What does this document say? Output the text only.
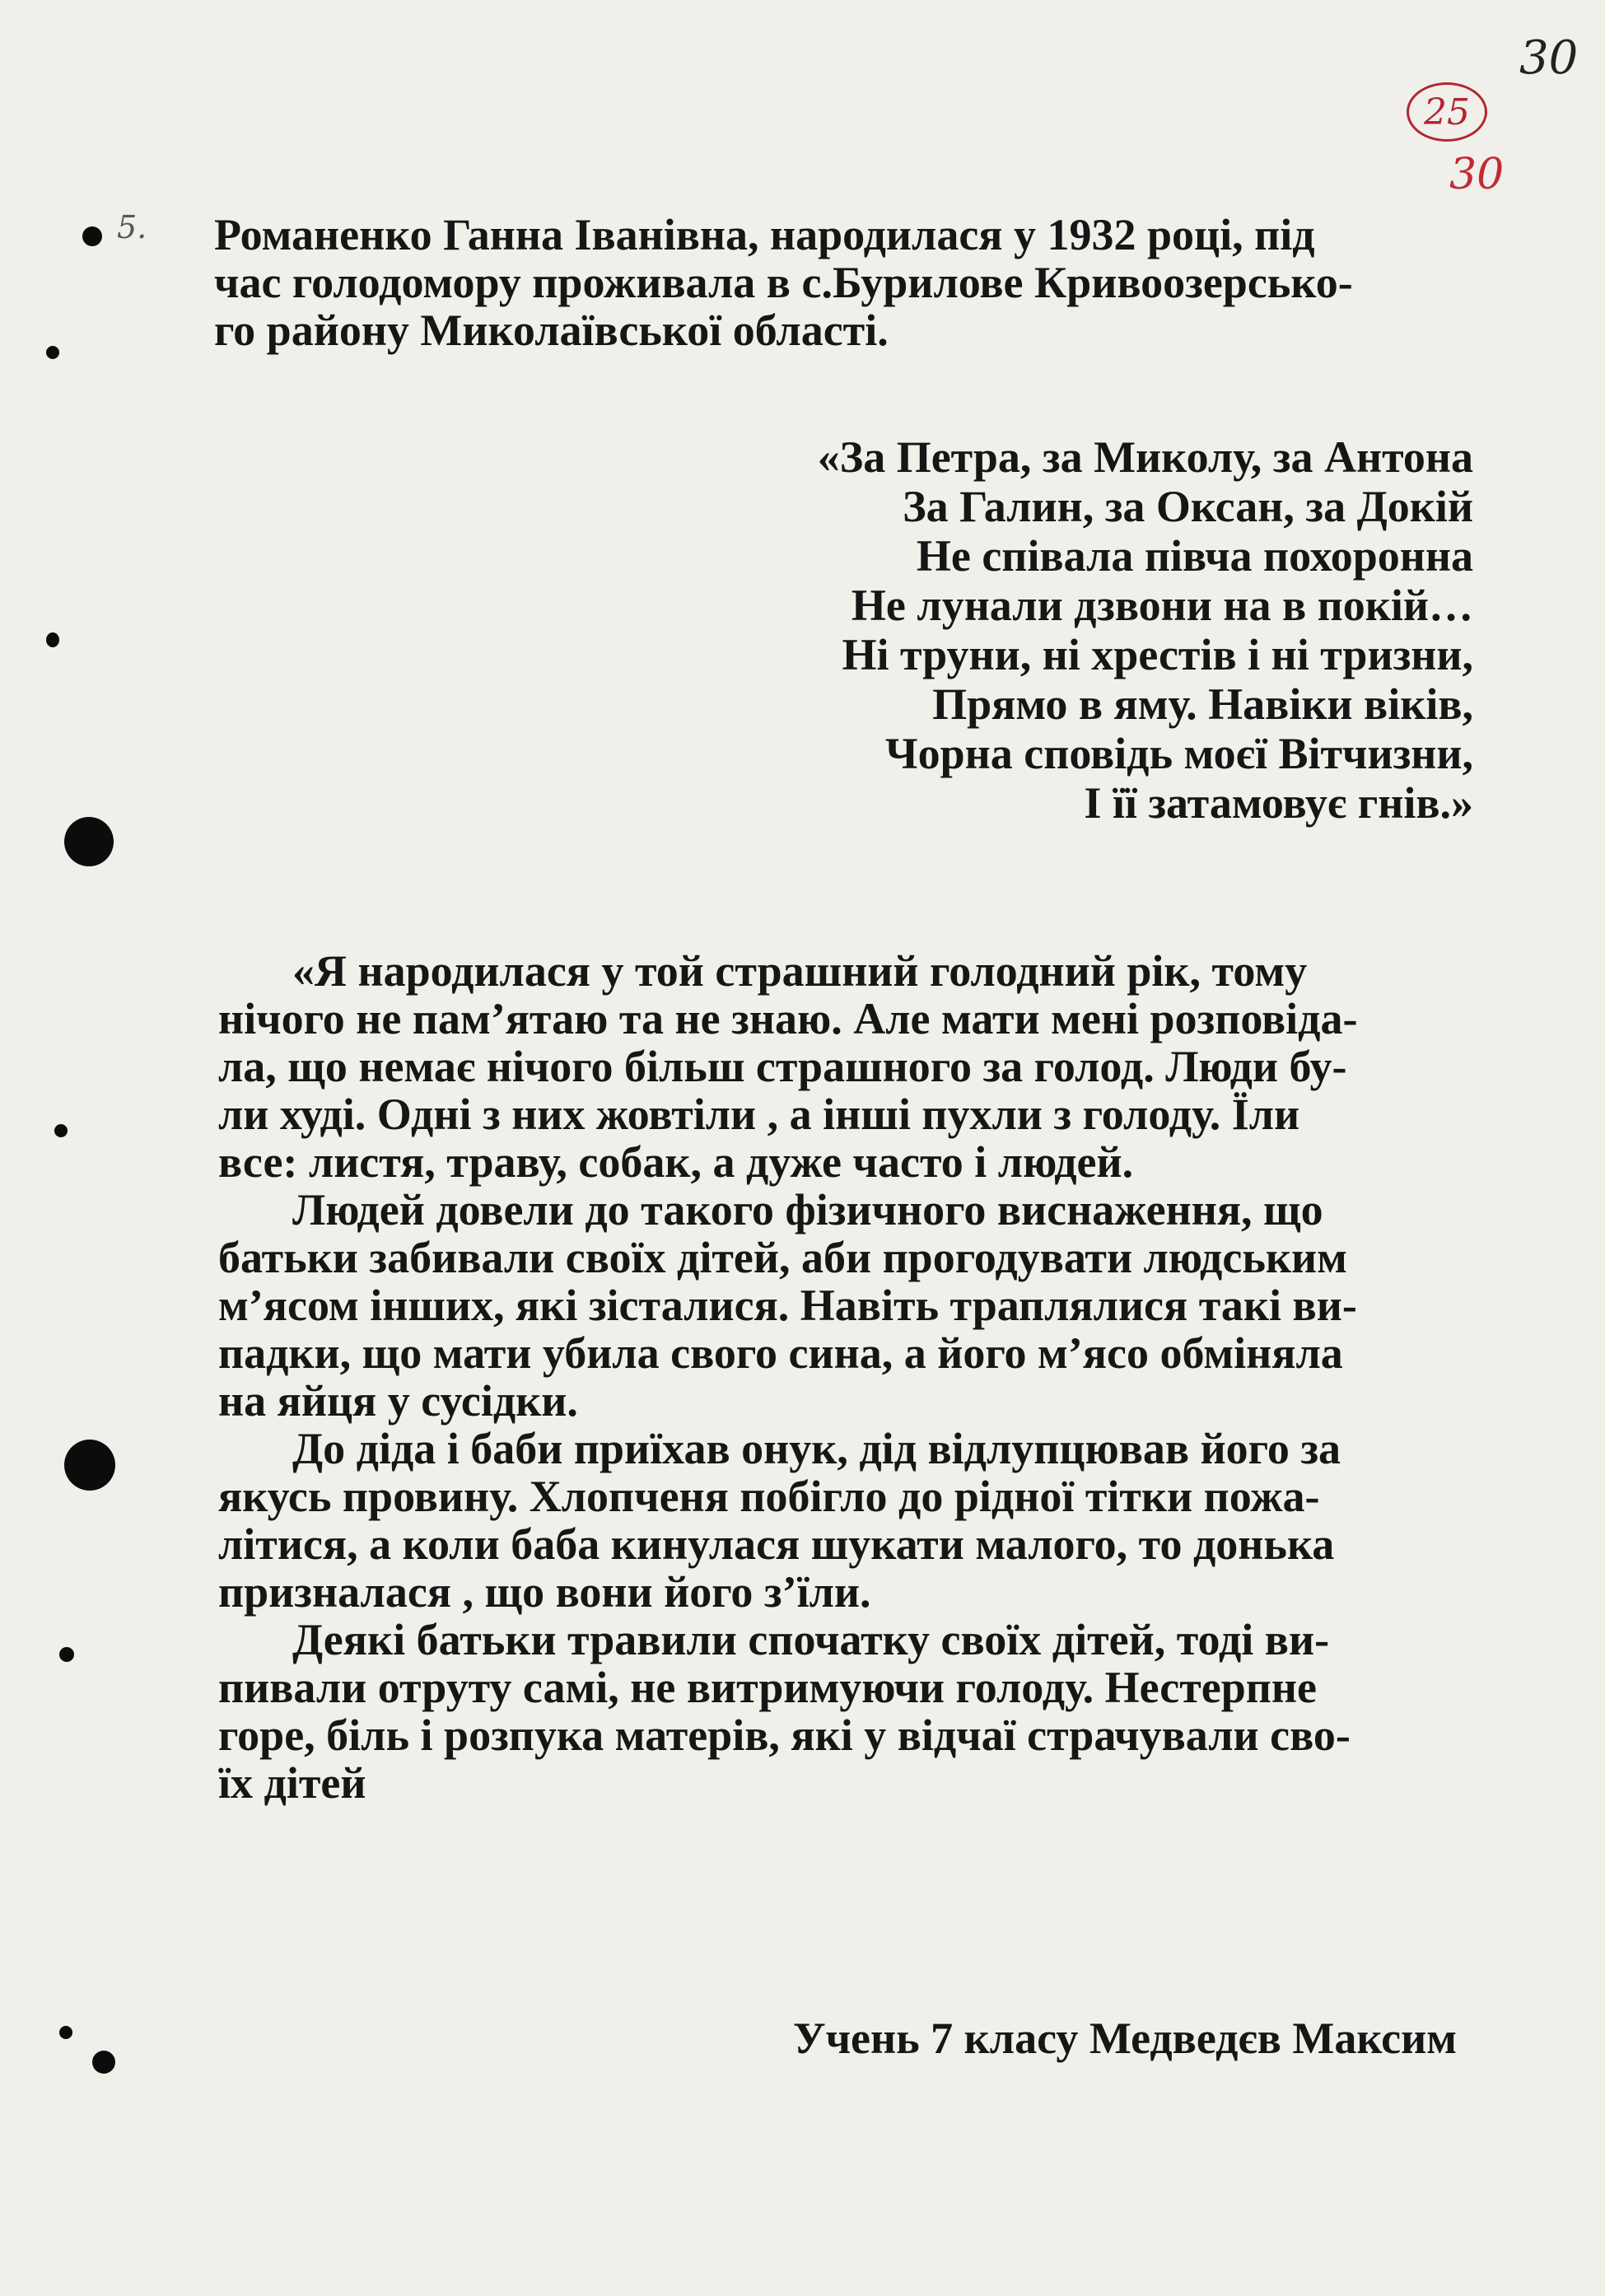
30
25
30
5. Романенко Ганна Іванівна, народилася у 1932 році, під
час голодомору проживала в с.Бурилове Кривоозерсько-
го району Миколаївської області.
«За Петра, за Миколу, за Антона
За Галин, за Оксан, за Докій
Не співала півча похоронна
Не лунали дзвони на в покій…
Ні труни, ні хрестів і ні тризни,
Прямо в яму. Навіки віків,
Чорна сповідь моєї Вітчизни,
І її затамовує гнів.»
«Я народилася у той страшний голодний рік, тому
нічого не пам’ятаю та не знаю. Але мати мені розповіда-
ла, що немає нічого більш страшного за голод. Люди бу-
ли худі. Одні з них жовтіли , а інші пухли з голоду. Їли
все: листя, траву, собак, а дуже часто і людей.
Людей довели до такого фізичного виснаження, що
батьки забивали своїх дітей, аби прогодувати людським
м’ясом інших, які зісталися. Навіть траплялися такі ви-
падки, що мати убила свого сина, а його м’ясо обміняла
на яйця у сусідки.
До діда і баби приїхав онук, дід відлупцював його за
якусь провину. Хлопченя побігло до рідної тітки пожа-
літися, а коли баба кинулася шукати малого, то донька
призналася , що вони його з’їли.
Деякі батьки травили спочатку своїх дітей, тоді ви-
пивали отруту самі, не витримуючи голоду. Нестерпне
горе, біль і розпука матерів, які у відчаї страчували сво-
їх дітей
Учень 7 класу Медведєв Максим
